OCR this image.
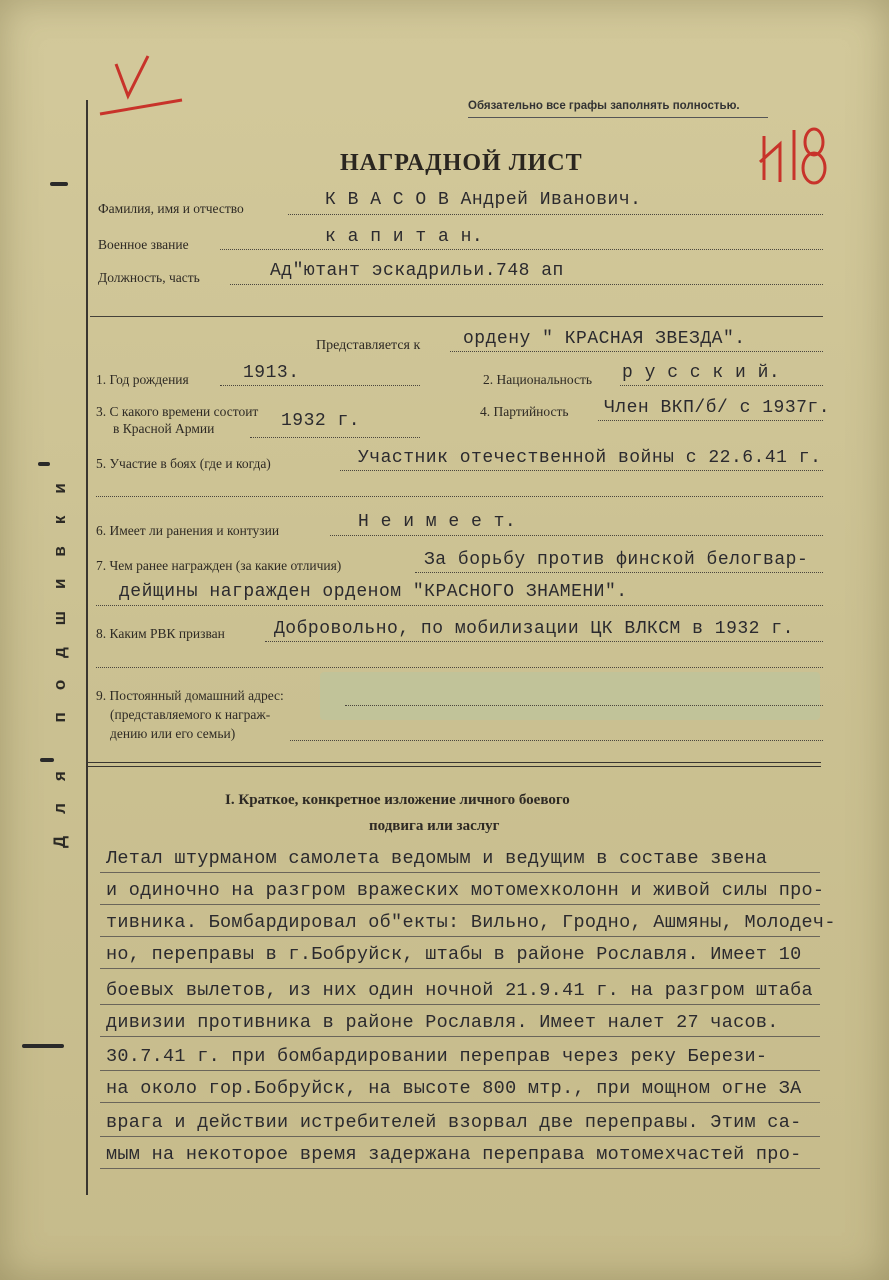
Для подшивки
Обязательно все графы заполнять полностью.
НАГРАДНОЙ ЛИСТ
Фамилия, имя и отчество	К В А С О В Андрей Иванович.
Военное звание	к а п и т а н.
Должность, часть	Ад"ютант эскадрильи.748 ап
Представляется к ордену " КРАСНАЯ ЗВЕЗДА".
1. Год рождения	1913.	2. Национальность р у с с к и й.
3. С какого времени состоит
в Красной Армии	1932 г.	4. Партийность Член ВКП/б/ с 1937г.
5. Участие в боях (где и когда)	Участник отечественной войны с 22.6.41 г.
6. Имеет ли ранения и контузии	Н е и м е е т.
7. Чем ранее награжден (за какие отличия)	За борьбу против финской белогвар-
дейщины награжден орденом "КРАСНОГО ЗНАМЕНИ".
8. Каким РВК призван	Добровольно, по мобилизации ЦК ВЛКСМ в 1932 г.
9. Постоянный домашний адрес:
(представляемого к награж-
дению или его семьи)
I. Краткое, конкретное изложение личного боевого
подвига или заслуг
Летал штурманом самолета ведомым и ведущим в составе звена
и одиночно на разгром вражеских мотомехколонн и живой силы про-
тивника. Бомбардировал об"екты: Вильно, Гродно, Ашмяны, Молодеч-
но, переправы в г.Бобруйск, штабы в районе Рославля. Имеет 10
боевых вылетов, из них один ночной 21.9.41 г. на разгром штаба
дивизии противника в районе Рославля. Имеет налет 27 часов.
30.7.41 г. при бомбардировании переправ через реку Берези-
на около гор.Бобруйск, на высоте 800 мтр., при мощном огне ЗА
врага и действии истребителей взорвал две переправы. Этим са-
мым на некоторое время задержана переправа мотомехчастей про-
